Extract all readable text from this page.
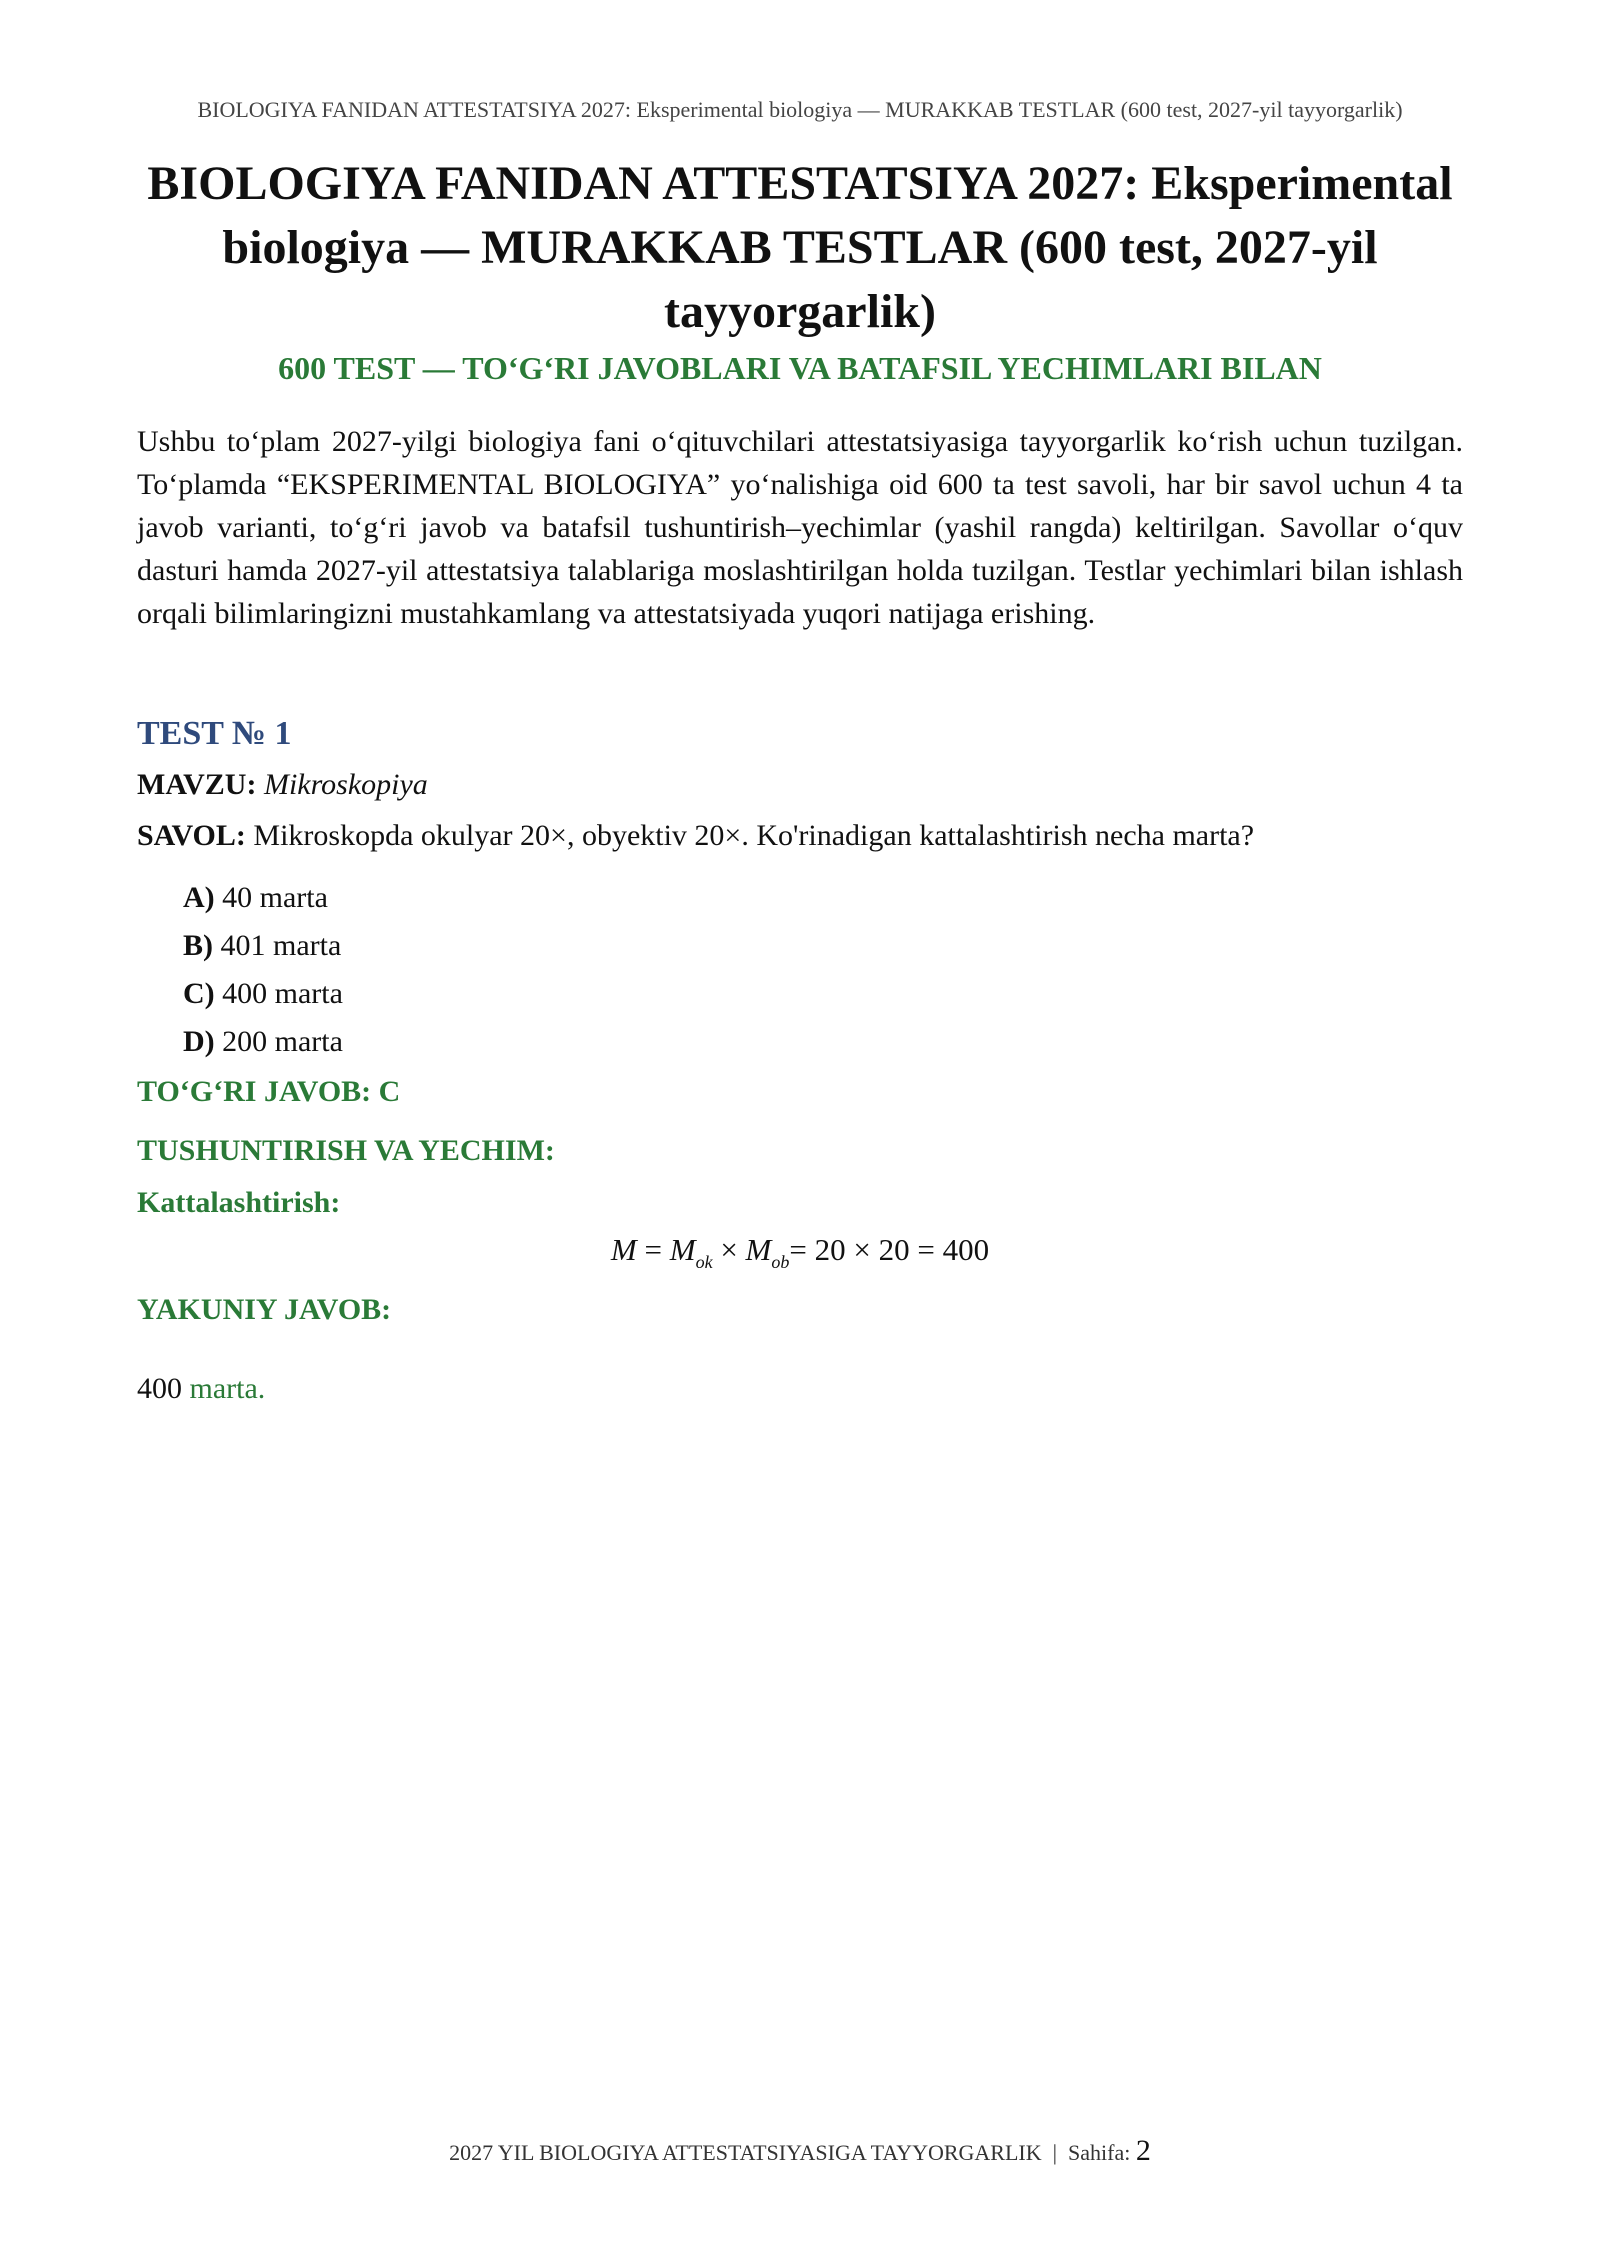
BIOLOGIYA FANIDAN ATTESTATSIYA 2027: Eksperimental biologiya — MURAKKAB TESTLAR (600 test, 2027-yil tayyorgarlik)
BIOLOGIYA FANIDAN ATTESTATSIYA 2027: Eksperimental biologiya — MURAKKAB TESTLAR (600 test, 2027-yil tayyorgarlik)
600 TEST — TO‘G‘RI JAVOBLARI VA BATAFSIL YECHIMLARI BILAN

Ushbu to‘plam 2027-yilgi biologiya fani o‘qituvchilari attestatsiyasiga tayyorgarlik ko‘rish uchun tuzilgan. To‘plamda “EKSPERIMENTAL BIOLOGIYA” yo‘nalishiga oid 600 ta test savoli, har bir savol uchun 4 ta javob varianti, to‘g‘ri javob va batafsil tushuntirish–yechimlar (yashil rangda) keltirilgan. Savollar o‘quv dasturi hamda 2027-yil attestatsiya talablariga moslashtirilgan holda tuzilgan. Testlar yechimlari bilan ishlash orqali bilimlaringizni mustahkamlang va attestatsiyada yuqori natijaga erishing.

TEST № 1

MAVZU: Mikroskopiya

SAVOL: Mikroskopda okulyar 20×, obyektiv 20×. Ko'rinadigan kattalashtirish necha marta?

A) 40 marta
B) 401 marta
C) 400 marta
D) 200 marta

TO‘G‘RI JAVOB: C

TUSHUNTIRISH VA YECHIM:

Kattalashtirish:

$M = M_{ok} \times M_{ob}= 20 \times 20 = 400$

YAKUNIY JAVOB:

400 marta.

2027 YIL BIOLOGIYA ATTESTATSIYASIGA TAYYORGARLIK | Sahifa: 2
